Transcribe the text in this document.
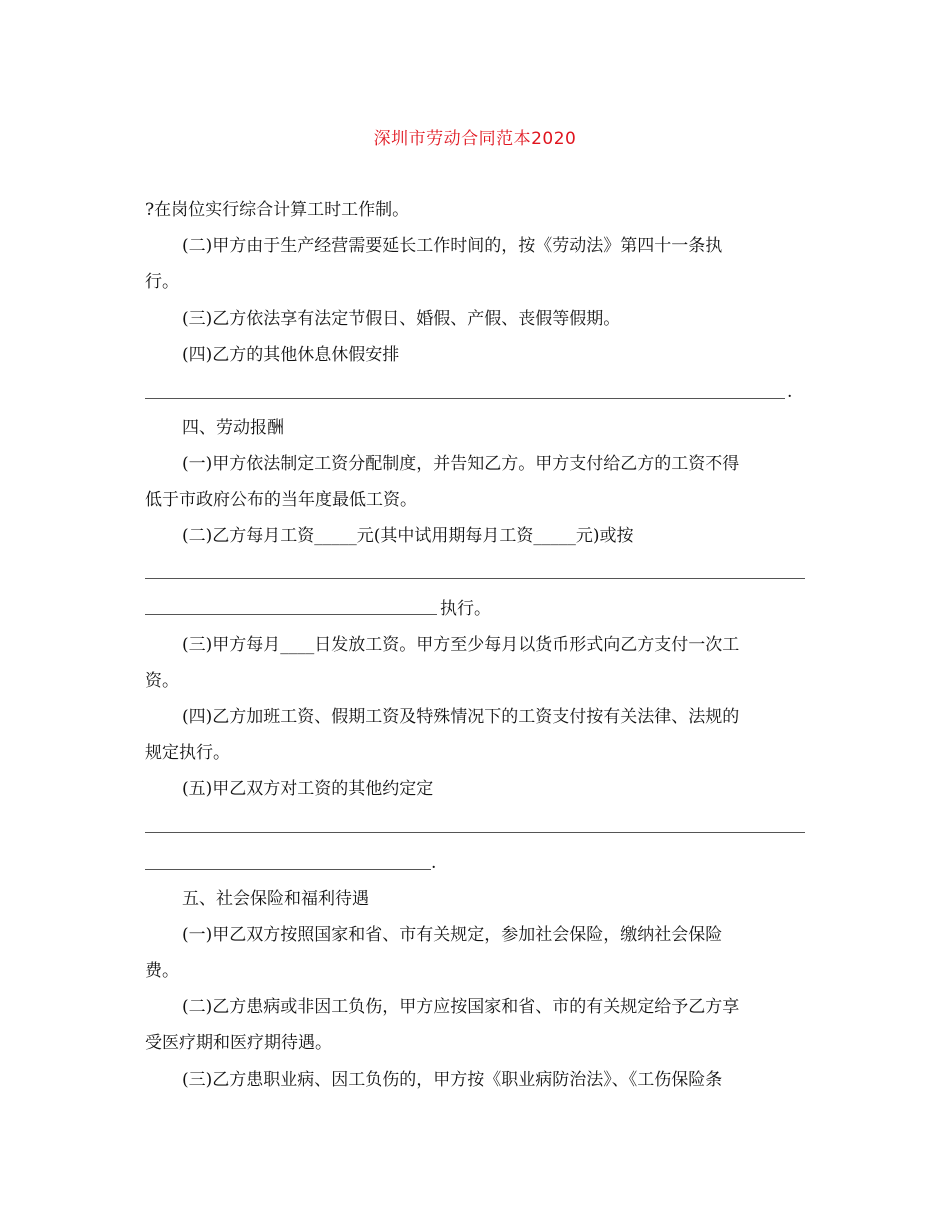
深圳市劳动合同范本2020
?在岗位实行综合计算工时工作制。
(二)甲方由于生产经营需要延长工作时间的，按《劳动法》第四十一条执
行。
(三)乙方依法享有法定节假日、婚假、产假、丧假等假期。
(四)乙方的其他休息休假安排
.
四、劳动报酬
(一)甲方依法制定工资分配制度，并告知乙方。甲方支付给乙方的工资不得
低于市政府公布的当年度最低工资。
(二)乙方每月工资_____元(其中试用期每月工资_____元)或按
执行。
(三)甲方每月____日发放工资。甲方至少每月以货币形式向乙方支付一次工
资。
(四)乙方加班工资、假期工资及特殊情况下的工资支付按有关法律、法规的
规定执行。
(五)甲乙双方对工资的其他约定定
.
五、社会保险和福利待遇
(一)甲乙双方按照国家和省、市有关规定，参加社会保险，缴纳社会保险
费。
(二)乙方患病或非因工负伤，甲方应按国家和省、市的有关规定给予乙方享
受医疗期和医疗期待遇。
(三)乙方患职业病、因工负伤的，甲方按《职业病防治法》、《工伤保险条
